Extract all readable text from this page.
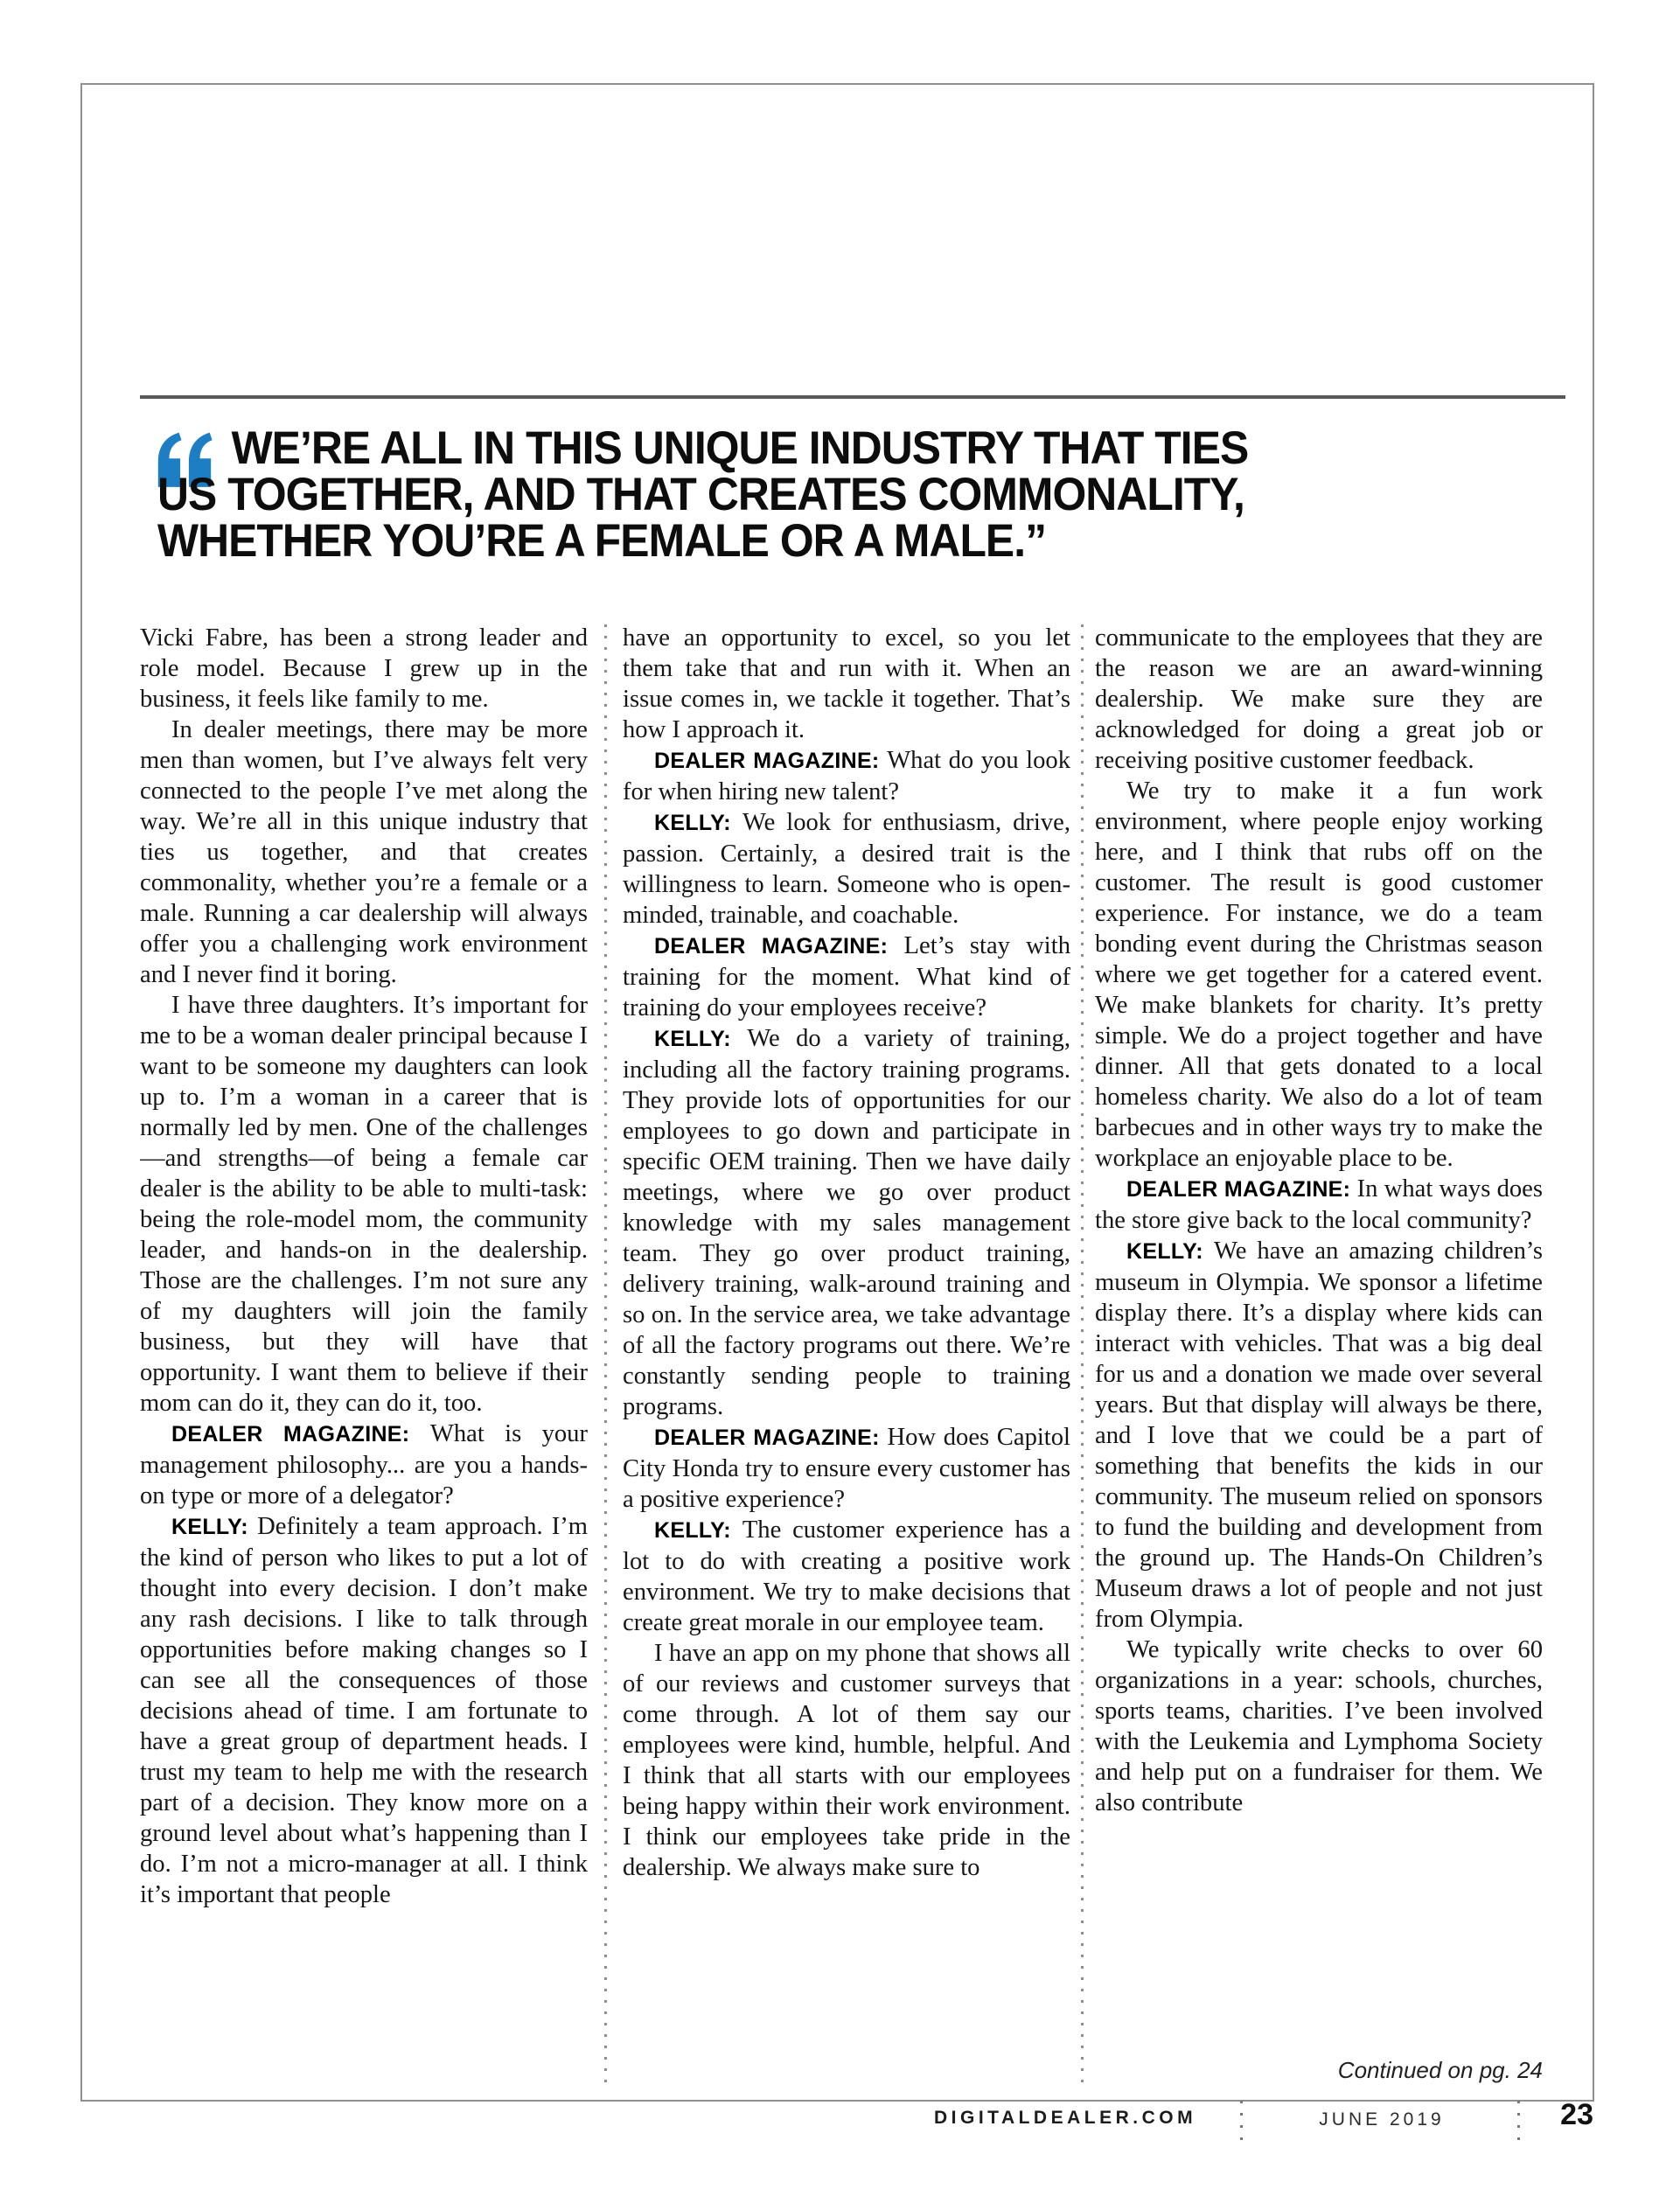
WE’RE ALL IN THIS UNIQUE INDUSTRY THAT TIES
US TOGETHER, AND THAT CREATES COMMONALITY,
WHETHER YOU’RE A FEMALE OR A MALE.”

Vicki Fabre, has been a strong leader and role model. Because I grew up in the business, it feels like family to me.

In dealer meetings, there may be more men than women, but I’ve always felt very connected to the people I’ve met along the way. We’re all in this unique industry that ties us together, and that creates commonality, whether you’re a female or a male. Running a car dealership will always offer you a challenging work environment and I never find it boring.

I have three daughters. It’s important for me to be a woman dealer principal because I want to be someone my daughters can look up to. I’m a woman in a career that is normally led by men. One of the challenges—and strengths—of being a female car dealer is the ability to be able to multi-task: being the role-model mom, the community leader, and hands-on in the dealership. Those are the challenges. I’m not sure any of my daughters will join the family business, but they will have that opportunity. I want them to believe if their mom can do it, they can do it, too.

DEALER MAGAZINE: What is your management philosophy... are you a hands-on type or more of a delegator?

KELLY: Definitely a team approach. I’m the kind of person who likes to put a lot of thought into every decision. I don’t make any rash decisions. I like to talk through opportunities before making changes so I can see all the consequences of those decisions ahead of time. I am fortunate to have a great group of department heads. I trust my team to help me with the research part of a decision. They know more on a ground level about what’s happening than I do. I’m not a micro-manager at all. I think it’s important that people

have an opportunity to excel, so you let them take that and run with it. When an issue comes in, we tackle it together. That’s how I approach it.

DEALER MAGAZINE: What do you look for when hiring new talent?

KELLY: We look for enthusiasm, drive, passion. Certainly, a desired trait is the willingness to learn. Someone who is open-minded, trainable, and coachable.

DEALER MAGAZINE: Let’s stay with training for the moment. What kind of training do your employees receive?

KELLY: We do a variety of training, including all the factory training programs. They provide lots of opportunities for our employees to go down and participate in specific OEM training. Then we have daily meetings, where we go over product knowledge with my sales management team. They go over product training, delivery training, walk-around training and so on. In the service area, we take advantage of all the factory programs out there. We’re constantly sending people to training programs.

DEALER MAGAZINE: How does Capitol City Honda try to ensure every customer has a positive experience?

KELLY: The customer experience has a lot to do with creating a positive work environment. We try to make decisions that create great morale in our employee team.

I have an app on my phone that shows all of our reviews and customer surveys that come through. A lot of them say our employees were kind, humble, helpful. And I think that all starts with our employees being happy within their work environment. I think our employees take pride in the dealership. We always make sure to

communicate to the employees that they are the reason we are an award-winning dealership. We make sure they are acknowledged for doing a great job or receiving positive customer feedback.

We try to make it a fun work environment, where people enjoy working here, and I think that rubs off on the customer. The result is good customer experience. For instance, we do a team bonding event during the Christmas season where we get together for a catered event. We make blankets for charity. It’s pretty simple. We do a project together and have dinner. All that gets donated to a local homeless charity. We also do a lot of team barbecues and in other ways try to make the workplace an enjoyable place to be.

DEALER MAGAZINE: In what ways does the store give back to the local community?

KELLY: We have an amazing children’s museum in Olympia. We sponsor a lifetime display there. It’s a display where kids can interact with vehicles. That was a big deal for us and a donation we made over several years. But that display will always be there, and I love that we could be a part of something that benefits the kids in our community. The museum relied on sponsors to fund the building and development from the ground up. The Hands-On Children’s Museum draws a lot of people and not just from Olympia.

We typically write checks to over 60 organizations in a year: schools, churches, sports teams, charities. I’ve been involved with the Leukemia and Lymphoma Society and help put on a fundraiser for them. We also contribute

Continued on pg. 24
DIGITALDEALER.COM	JUNE 2019	23
